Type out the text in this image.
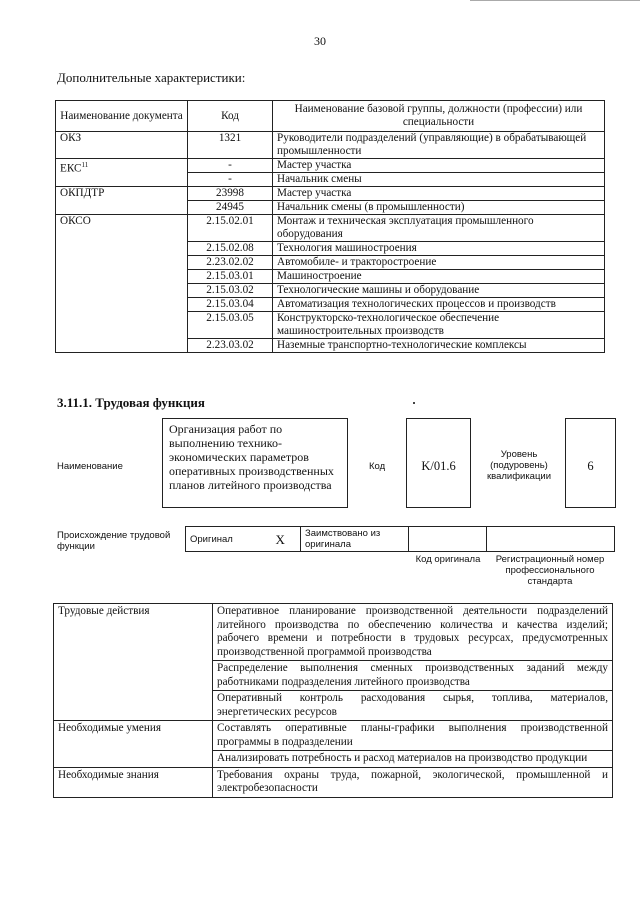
30
Дополнительные характеристики:
Наименование документа	Код	Наименование базовой группы, должности (профессии) или специальности
ОКЗ	1321	Руководители подразделений (управляющие) в обрабатывающей промышленности
ЕКС$^{11}$	-	Мастер участка
	-	Начальник смены
ОКПДТР	23998	Мастер участка
	24945	Начальник смены (в промышленности)
ОКСО	2.15.02.01	Монтаж и техническая эксплуатация промышленного оборудования
	2.15.02.08	Технология машиностроения
	2.23.02.02	Автомобиле- и тракторостроение
	2.15.03.01	Машиностроение
	2.15.03.02	Технологические машины и оборудование
	2.15.03.04	Автоматизация технологических процессов и производств
	2.15.03.05	Конструкторско-технологическое обеспечение машиностроительных производств
	2.23.03.02	Наземные транспортно-технологические комплексы
3.11.1. Трудовая функция
Наименование
Организация работ по выполнению технико-экономических параметров оперативных производственных планов литейного производства
Код	K/01.6
Уровень (подуровень) квалификации
6
Происхождение трудовой функции
Оригинал	X	Заимствовано из оригинала		
Код оригинала	Регистрационный номер профессионального стандарта
Трудовые действия	Оперативное планирование производственной деятельности подразделений литейного производства по обеспечению количества и качества изделий; рабочего времени и потребности в трудовых ресурсах, предусмотренных производственной программой производства
	Распределение выполнения сменных производственных заданий между работниками подразделения литейного производства
	Оперативный контроль расходования сырья, топлива, материалов, энергетических ресурсов
Необходимые умения	Составлять оперативные планы-графики выполнения производственной программы в подразделении
	Анализировать потребность и расход материалов на производство продукции
Необходимые знания	Требования охраны труда, пожарной, экологической, промышленной и электробезопасности
